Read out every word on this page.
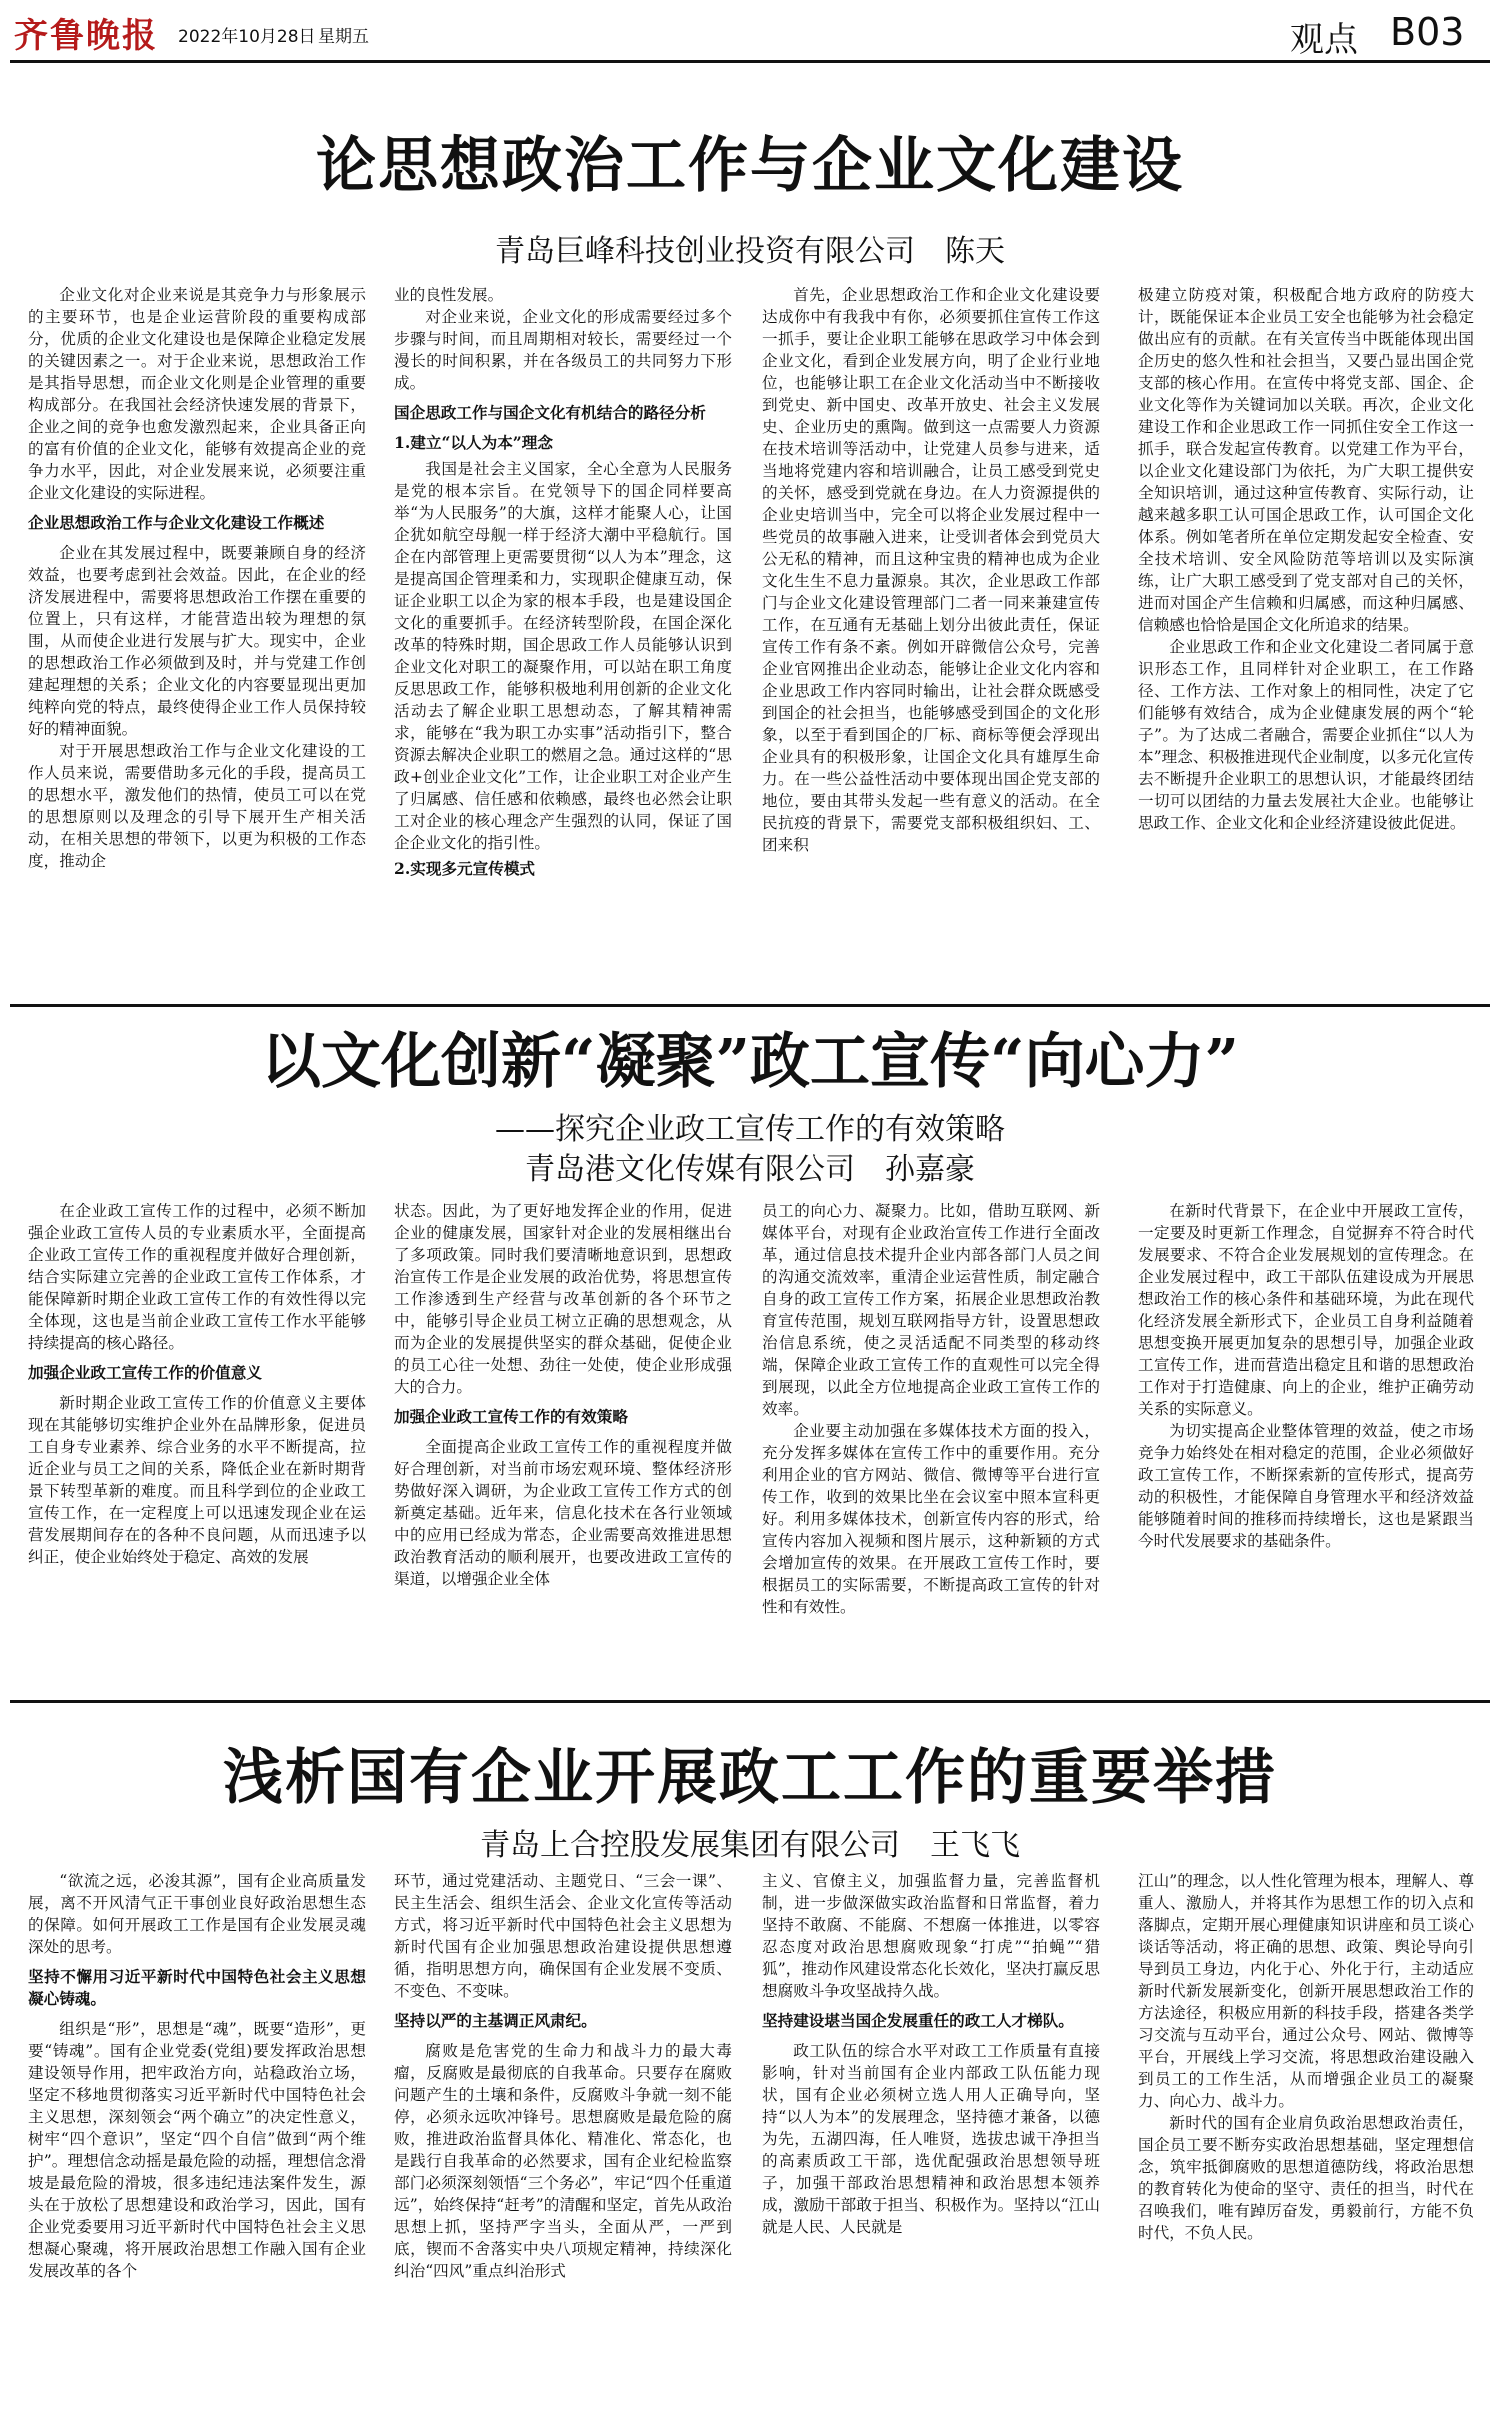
齐鲁晚报 2022年10月28日 星期五	观点 B03
论思想政治工作与企业文化建设
青岛巨峰科技创业投资有限公司　陈天

企业文化对企业来说是其竞争力与形象展示的主要环节，也是企业运营阶段的重要构成部分，优质的企业文化建设也是保障企业稳定发展的关键因素之一。对于企业来说，思想政治工作是其指导思想，而企业文化则是企业管理的重要构成部分。在我国社会经济快速发展的背景下，企业之间的竞争也愈发激烈起来，企业具备正向的富有价值的企业文化，能够有效提高企业的竞争力水平，因此，对企业发展来说，必须要注重企业文化建设的实际进程。

企业思想政治工作与企业文化建设工作概述

企业在其发展过程中，既要兼顾自身的经济效益，也要考虑到社会效益。因此，在企业的经济发展进程中，需要将思想政治工作摆在重要的位置上，只有这样，才能营造出较为理想的氛围，从而使企业进行发展与扩大。现实中，企业的思想政治工作必须做到及时，并与党建工作创建起理想的关系；企业文化的内容要显现出更加纯粹向党的特点，最终使得企业工作人员保持较好的精神面貌。

对于开展思想政治工作与企业文化建设的工作人员来说，需要借助多元化的手段，提高员工的思想水平，激发他们的热情，使员工可以在党的思想原则以及理念的引导下展开生产相关活动，在相关思想的带领下，以更为积极的工作态度，推动企

业的良性发展。

对企业来说，企业文化的形成需要经过多个步骤与时间，而且周期相对较长，需要经过一个漫长的时间积累，并在各级员工的共同努力下形成。

国企思政工作与国企文化有机结合的路径分析
1.建立“以人为本”理念

我国是社会主义国家，全心全意为人民服务是党的根本宗旨。在党领导下的国企同样要高举“为人民服务”的大旗，这样才能聚人心，让国企犹如航空母舰一样于经济大潮中平稳航行。国企在内部管理上更需要贯彻“以人为本”理念，这是提高国企管理柔和力，实现职企健康互动，保证企业职工以企为家的根本手段，也是建设国企文化的重要抓手。在经济转型阶段，在国企深化改革的特殊时期，国企思政工作人员能够认识到企业文化对职工的凝聚作用，可以站在职工角度反思思政工作，能够积极地利用创新的企业文化活动去了解企业职工思想动态，了解其精神需求，能够在“我为职工办实事”活动指引下，整合资源去解决企业职工的燃眉之急。通过这样的“思政+创业企业文化”工作，让企业职工对企业产生了归属感、信任感和依赖感，最终也必然会让职工对企业的核心理念产生强烈的认同，保证了国企企业文化的指引性。

2.实现多元宣传模式

首先，企业思想政治工作和企业文化建设要达成你中有我我中有你，必须要抓住宣传工作这一抓手，要让企业职工能够在思政学习中体会到企业文化，看到企业发展方向，明了企业行业地位，也能够让职工在企业文化活动当中不断接收到党史、新中国史、改革开放史、社会主义发展史、企业历史的熏陶。做到这一点需要人力资源在技术培训等活动中，让党建人员参与进来，适当地将党建内容和培训融合，让员工感受到党史的关怀，感受到党就在身边。在人力资源提供的企业史培训当中，完全可以将企业发展过程中一些党员的故事融入进来，让受训者体会到党员大公无私的精神，而且这种宝贵的精神也成为企业文化生生不息力量源泉。其次，企业思政工作部门与企业文化建设管理部门二者一同来兼建宣传工作，在互通有无基础上划分出彼此责任，保证宣传工作有条不紊。例如开辟微信公众号，完善企业官网推出企业动态，能够让企业文化内容和企业思政工作内容同时输出，让社会群众既感受到国企的社会担当，也能够感受到国企的文化形象，以至于看到国企的厂标、商标等便会浮现出企业具有的积极形象，让国企文化具有雄厚生命力。在一些公益性活动中要体现出国企党支部的地位，要由其带头发起一些有意义的活动。在全民抗疫的背景下，需要党支部积极组织妇、工、团来积

极建立防疫对策，积极配合地方政府的防疫大计，既能保证本企业员工安全也能够为社会稳定做出应有的贡献。在有关宣传当中既能体现出国企历史的悠久性和社会担当，又要凸显出国企党支部的核心作用。在宣传中将党支部、国企、企业文化等作为关键词加以关联。再次，企业文化建设工作和企业思政工作一同抓住安全工作这一抓手，联合发起宣传教育。以党建工作为平台，以企业文化建设部门为依托，为广大职工提供安全知识培训，通过这种宣传教育、实际行动，让越来越多职工认可国企思政工作，认可国企文化体系。例如笔者所在单位定期发起安全检查、安全技术培训、安全风险防范等培训以及实际演练，让广大职工感受到了党支部对自己的关怀，进而对国企产生信赖和归属感，而这种归属感、信赖感也恰恰是国企文化所追求的结果。

企业思政工作和企业文化建设二者同属于意识形态工作，且同样针对企业职工，在工作路径、工作方法、工作对象上的相同性，决定了它们能够有效结合，成为企业健康发展的两个“轮子”。为了达成二者融合，需要企业抓住“以人为本”理念、积极推进现代企业制度，以多元化宣传去不断提升企业职工的思想认识，才能最终团结一切可以团结的力量去发展社大企业。也能够让思政工作、企业文化和企业经济建设彼此促进。

以文化创新“凝聚”政工宣传“向心力”
——探究企业政工宣传工作的有效策略
青岛港文化传媒有限公司　孙嘉豪

在企业政工宣传工作的过程中，必须不断加强企业政工宣传人员的专业素质水平，全面提高企业政工宣传工作的重视程度并做好合理创新，结合实际建立完善的企业政工宣传工作体系，才能保障新时期企业政工宣传工作的有效性得以完全体现，这也是当前企业政工宣传工作水平能够持续提高的核心路径。

加强企业政工宣传工作的价值意义

新时期企业政工宣传工作的价值意义主要体现在其能够切实维护企业外在品牌形象，促进员工自身专业素养、综合业务的水平不断提高，拉近企业与员工之间的关系，降低企业在新时期背景下转型革新的难度。而且科学到位的企业政工宣传工作，在一定程度上可以迅速发现企业在运营发展期间存在的各种不良问题，从而迅速予以纠正，使企业始终处于稳定、高效的发展

状态。因此，为了更好地发挥企业的作用，促进企业的健康发展，国家针对企业的发展相继出台了多项政策。同时我们要清晰地意识到，思想政治宣传工作是企业发展的政治优势，将思想宣传工作渗透到生产经营与改革创新的各个环节之中，能够引导企业员工树立正确的思想观念，从而为企业的发展提供坚实的群众基础，促使企业的员工心往一处想、劲往一处使，使企业形成强大的合力。

加强企业政工宣传工作的有效策略

全面提高企业政工宣传工作的重视程度并做好合理创新，对当前市场宏观环境、整体经济形势做好深入调研，为企业政工宣传工作方式的创新奠定基础。近年来，信息化技术在各行业领域中的应用已经成为常态，企业需要高效推进思想政治教育活动的顺利展开，也要改进政工宣传的渠道，以增强企业全体

员工的向心力、凝聚力。比如，借助互联网、新媒体平台，对现有企业政治宣传工作进行全面改革，通过信息技术提升企业内部各部门人员之间的沟通交流效率，重清企业运营性质，制定融合自身的政工宣传工作方案，拓展企业思想政治教育宣传范围，规划互联网指导方针，设置思想政治信息系统，使之灵活适配不同类型的移动终端，保障企业政工宣传工作的直观性可以完全得到展现，以此全方位地提高企业政工宣传工作的效率。

企业要主动加强在多媒体技术方面的投入，充分发挥多媒体在宣传工作中的重要作用。充分利用企业的官方网站、微信、微博等平台进行宣传工作，收到的效果比坐在会议室中照本宣科更好。利用多媒体技术，创新宣传内容的形式，给宣传内容加入视频和图片展示，这种新颖的方式会增加宣传的效果。在开展政工宣传工作时，要根据员工的实际需要，不断提高政工宣传的针对性和有效性。

在新时代背景下，在企业中开展政工宣传，一定要及时更新工作理念，自觉摒弃不符合时代发展要求、不符合企业发展规划的宣传理念。在企业发展过程中，政工干部队伍建设成为开展思想政治工作的核心条件和基础环境，为此在现代化经济发展全新形式下，企业员工自身利益随着思想变换开展更加复杂的思想引导，加强企业政工宣传工作，进而营造出稳定且和谐的思想政治工作对于打造健康、向上的企业，维护正确劳动关系的实际意义。

为切实提高企业整体管理的效益，使之市场竞争力始终处在相对稳定的范围，企业必须做好政工宣传工作，不断探索新的宣传形式，提高劳动的积极性，才能保障自身管理水平和经济效益能够随着时间的推移而持续增长，这也是紧跟当今时代发展要求的基础条件。

浅析国有企业开展政工工作的重要举措
青岛上合控股发展集团有限公司　王飞飞

“欲流之远，必浚其源”，国有企业高质量发展，离不开风清气正干事创业良好政治思想生态的保障。如何开展政工工作是国有企业发展灵魂深处的思考。

坚持不懈用习近平新时代中国特色社会主义思想凝心铸魂。

组织是“形”，思想是“魂”，既要“造形”，更要“铸魂”。国有企业党委(党组)要发挥政治思想建设领导作用，把牢政治方向，站稳政治立场，坚定不移地贯彻落实习近平新时代中国特色社会主义思想，深刻领会“两个确立”的决定性意义，树牢“四个意识”，坚定“四个自信”做到“两个维护”。理想信念动摇是最危险的动摇，理想信念滑坡是最危险的滑坡，很多违纪违法案件发生，源头在于放松了思想建设和政治学习，因此，国有企业党委要用习近平新时代中国特色社会主义思想凝心聚魂，将开展政治思想工作融入国有企业发展改革的各个

环节，通过党建活动、主题党日、“三会一课”、民主生活会、组织生活会、企业文化宣传等活动方式，将习近平新时代中国特色社会主义思想为新时代国有企业加强思想政治建设提供思想遵循，指明思想方向，确保国有企业发展不变质、不变色、不变味。

坚持以严的主基调正风肃纪。

腐败是危害党的生命力和战斗力的最大毒瘤，反腐败是最彻底的自我革命。只要存在腐败问题产生的土壤和条件，反腐败斗争就一刻不能停，必须永远吹冲锋号。思想腐败是最危险的腐败，推进政治监督具体化、精准化、常态化，也是践行自我革命的必然要求，国有企业纪检监察部门必须深刻领悟“三个务必”，牢记“四个任重道远”，始终保持“赶考”的清醒和坚定，首先从政治思想上抓，坚持严字当头，全面从严，一严到底，锲而不舍落实中央八项规定精神，持续深化纠治“四风”重点纠治形式

主义、官僚主义，加强监督力量，完善监督机制，进一步做深做实政治监督和日常监督，着力坚持不敢腐、不能腐、不想腐一体推进，以零容忍态度对政治思想腐败现象“打虎”“拍蝇”“猎狐”，推动作风建设常态化长效化，坚决打赢反思想腐败斗争攻坚战持久战。

坚持建设堪当国企发展重任的政工人才梯队。

政工队伍的综合水平对政工工作质量有直接影响，针对当前国有企业内部政工队伍能力现状，国有企业必须树立选人用人正确导向，坚持“以人为本”的发展理念，坚持德才兼备，以德为先，五湖四海，任人唯贤，选拔忠诚干净担当的高素质政工干部，选优配强政治思想领导班子，加强干部政治思想精神和政治思想本领养成，激励干部敢于担当、积极作为。坚持以“江山就是人民、人民就是

江山”的理念，以人性化管理为根本，理解人、尊重人、激励人，并将其作为思想工作的切入点和落脚点，定期开展心理健康知识讲座和员工谈心谈话等活动，将正确的思想、政策、舆论导向引导到员工身边，内化于心、外化于行，主动适应新时代新发展新变化，创新开展思想政治工作的方法途径，积极应用新的科技手段，搭建各类学习交流与互动平台，通过公众号、网站、微博等平台，开展线上学习交流，将思想政治建设融入到员工的工作生活，从而增强企业员工的凝聚力、向心力、战斗力。

新时代的国有企业肩负政治思想政治责任，国企员工要不断夯实政治思想基础，坚定理想信念，筑牢抵御腐败的思想道德防线，将政治思想的教育转化为使命的坚守、责任的担当，时代在召唤我们，唯有踔厉奋发，勇毅前行，方能不负时代，不负人民。
